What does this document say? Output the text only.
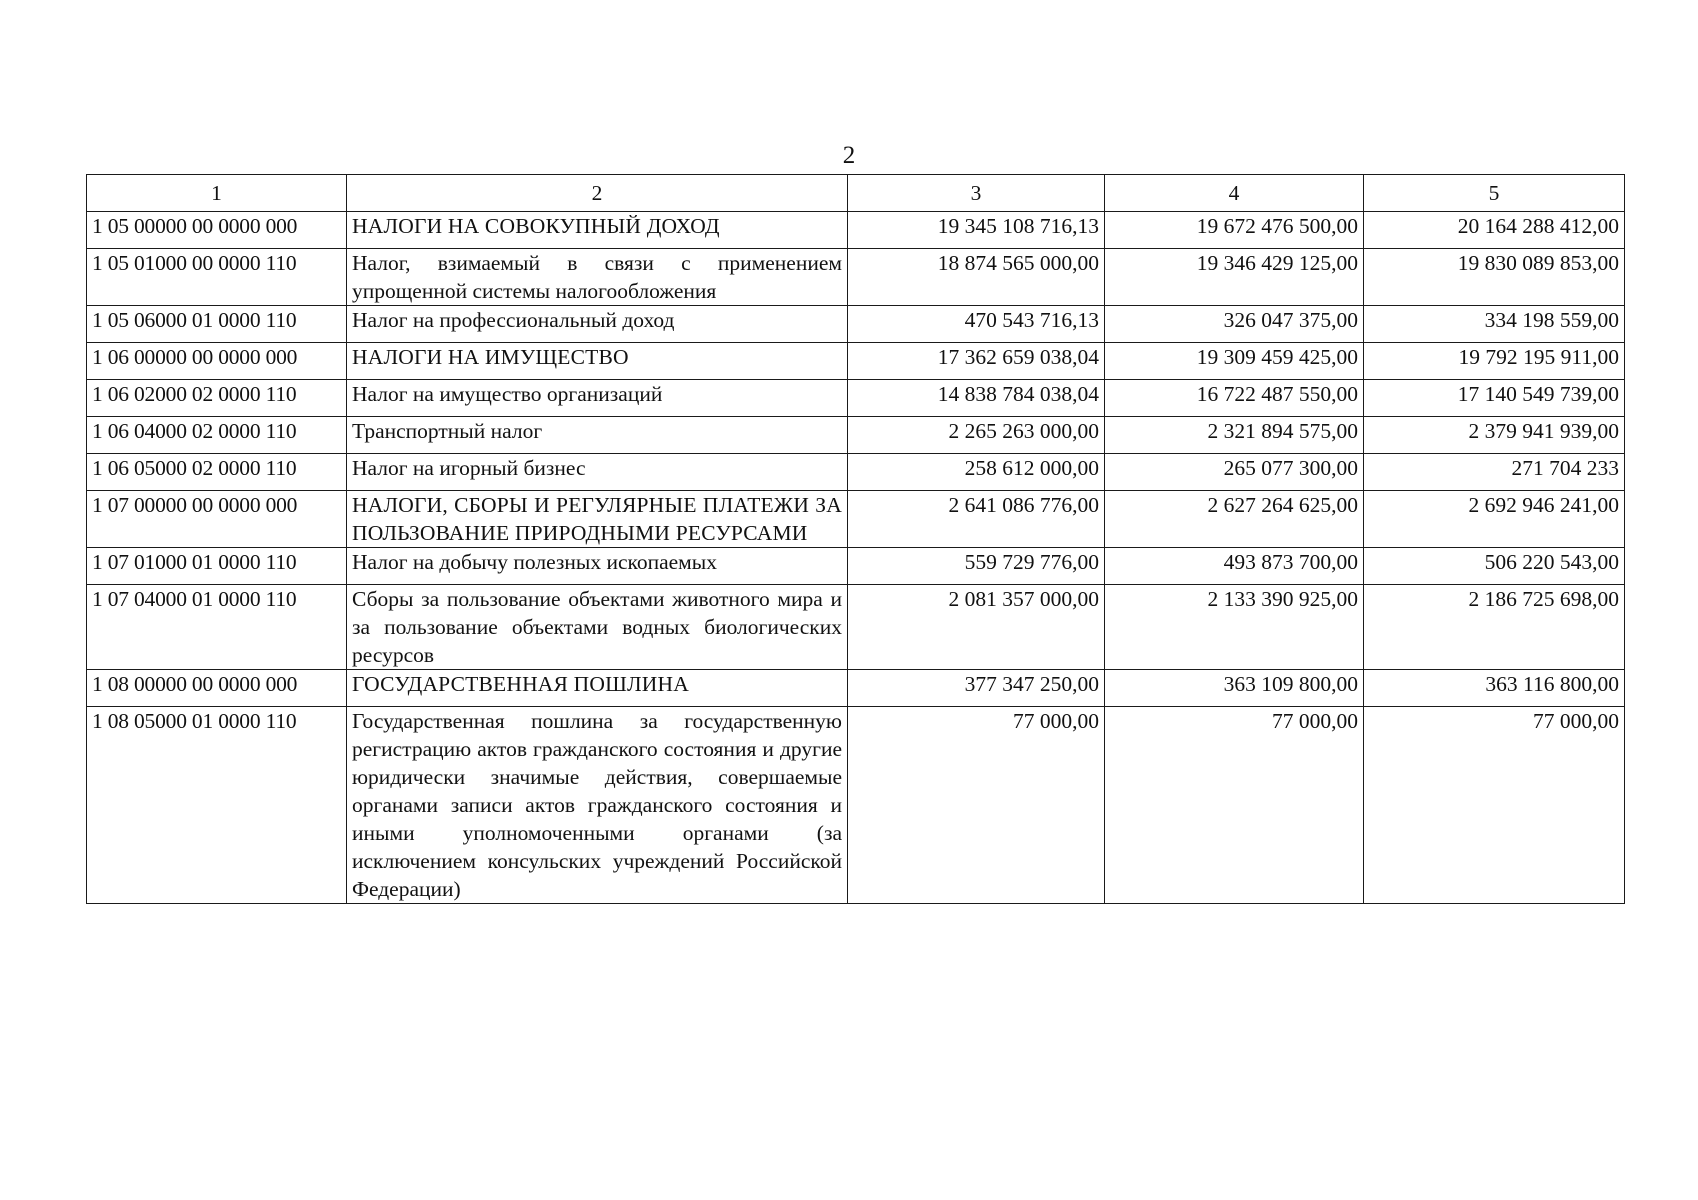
2
1	2	3	4	5
1 05 00000 00 0000 000	НАЛОГИ НА СОВОКУПНЫЙ ДОХОД	19 345 108 716,13	19 672 476 500,00	20 164 288 412,00
1 05 01000 00 0000 110	Налог, взимаемый в связи с применением упрощенной системы налогообложения	18 874 565 000,00	19 346 429 125,00	19 830 089 853,00
1 05 06000 01 0000 110	Налог на профессиональный доход	470 543 716,13	326 047 375,00	334 198 559,00
1 06 00000 00 0000 000	НАЛОГИ НА ИМУЩЕСТВО	17 362 659 038,04	19 309 459 425,00	19 792 195 911,00
1 06 02000 02 0000 110	Налог на имущество организаций	14 838 784 038,04	16 722 487 550,00	17 140 549 739,00
1 06 04000 02 0000 110	Транспортный налог	2 265 263 000,00	2 321 894 575,00	2 379 941 939,00
1 06 05000 02 0000 110	Налог на игорный бизнес	258 612 000,00	265 077 300,00	271 704 233
1 07 00000 00 0000 000	НАЛОГИ, СБОРЫ И РЕГУЛЯРНЫЕ ПЛАТЕЖИ ЗА ПОЛЬЗОВАНИЕ ПРИРОДНЫМИ РЕСУРСАМИ	2 641 086 776,00	2 627 264 625,00	2 692 946 241,00
1 07 01000 01 0000 110	Налог на добычу полезных ископаемых	559 729 776,00	493 873 700,00	506 220 543,00
1 07 04000 01 0000 110	Сборы за пользование объектами животного мира и за пользование объектами водных биологических ресурсов	2 081 357 000,00	2 133 390 925,00	2 186 725 698,00
1 08 00000 00 0000 000	ГОСУДАРСТВЕННАЯ ПОШЛИНА	377 347 250,00	363 109 800,00	363 116 800,00
1 08 05000 01 0000 110	Государственная пошлина за государственную регистрацию актов гражданского состояния и другие юридически значимые действия, совершаемые органами записи актов гражданского состояния и иными уполномоченными органами (за исключением консульских учреждений Российской Федерации)	77 000,00	77 000,00	77 000,00
